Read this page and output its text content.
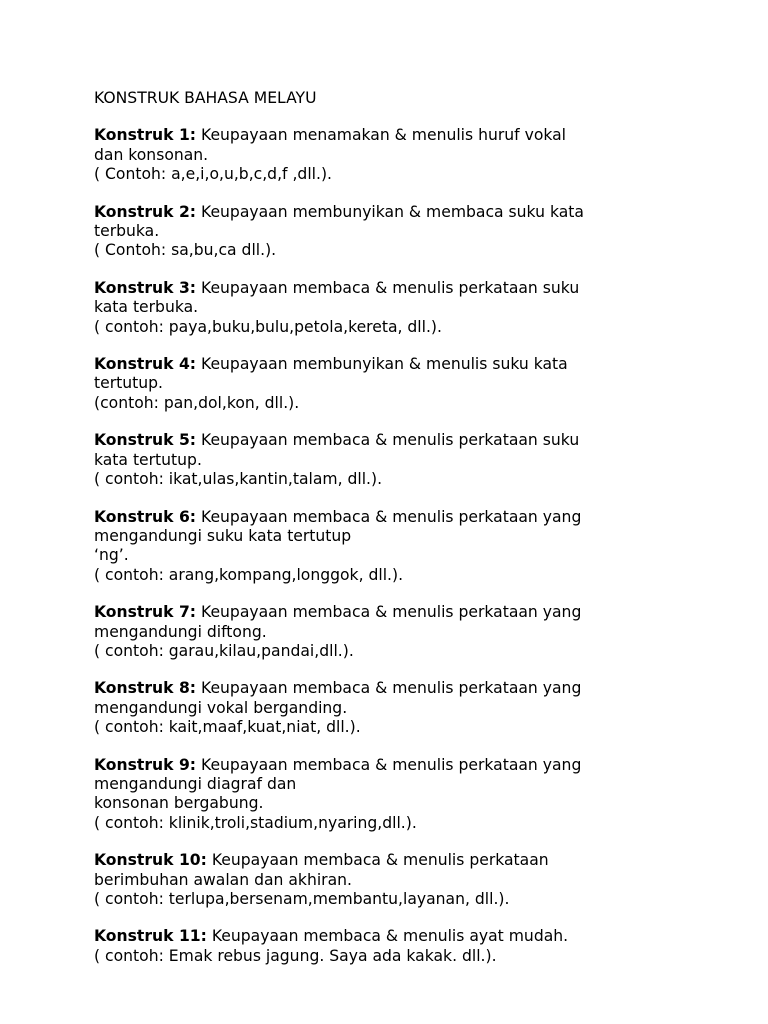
KONSTRUK BAHASA MELAYU
Konstruk 1: Keupayaan menamakan & menulis huruf vokal
dan konsonan.
( Contoh: a,e,i,o,u,b,c,d,f ,dll.).
Konstruk 2: Keupayaan membunyikan & membaca suku kata
terbuka.
( Contoh: sa,bu,ca dll.).
Konstruk 3: Keupayaan membaca & menulis perkataan suku
kata terbuka.
( contoh: paya,buku,bulu,petola,kereta, dll.).
Konstruk 4: Keupayaan membunyikan & menulis suku kata
tertutup.
(contoh: pan,dol,kon, dll.).
Konstruk 5: Keupayaan membaca & menulis perkataan suku
kata tertutup.
( contoh: ikat,ulas,kantin,talam, dll.).
Konstruk 6: Keupayaan membaca & menulis perkataan yang
mengandungi suku kata tertutup
‘ng’.
( contoh: arang,kompang,longgok, dll.).
Konstruk 7: Keupayaan membaca & menulis perkataan yang
mengandungi diftong.
( contoh: garau,kilau,pandai,dll.).
Konstruk 8: Keupayaan membaca & menulis perkataan yang
mengandungi vokal berganding.
( contoh: kait,maaf,kuat,niat, dll.).
Konstruk 9: Keupayaan membaca & menulis perkataan yang
mengandungi diagraf dan
konsonan bergabung.
( contoh: klinik,troli,stadium,nyaring,dll.).
Konstruk 10: Keupayaan membaca & menulis perkataan
berimbuhan awalan dan akhiran.
( contoh: terlupa,bersenam,membantu,layanan, dll.).
Konstruk 11: Keupayaan membaca & menulis ayat mudah.
( contoh: Emak rebus jagung. Saya ada kakak. dll.).
